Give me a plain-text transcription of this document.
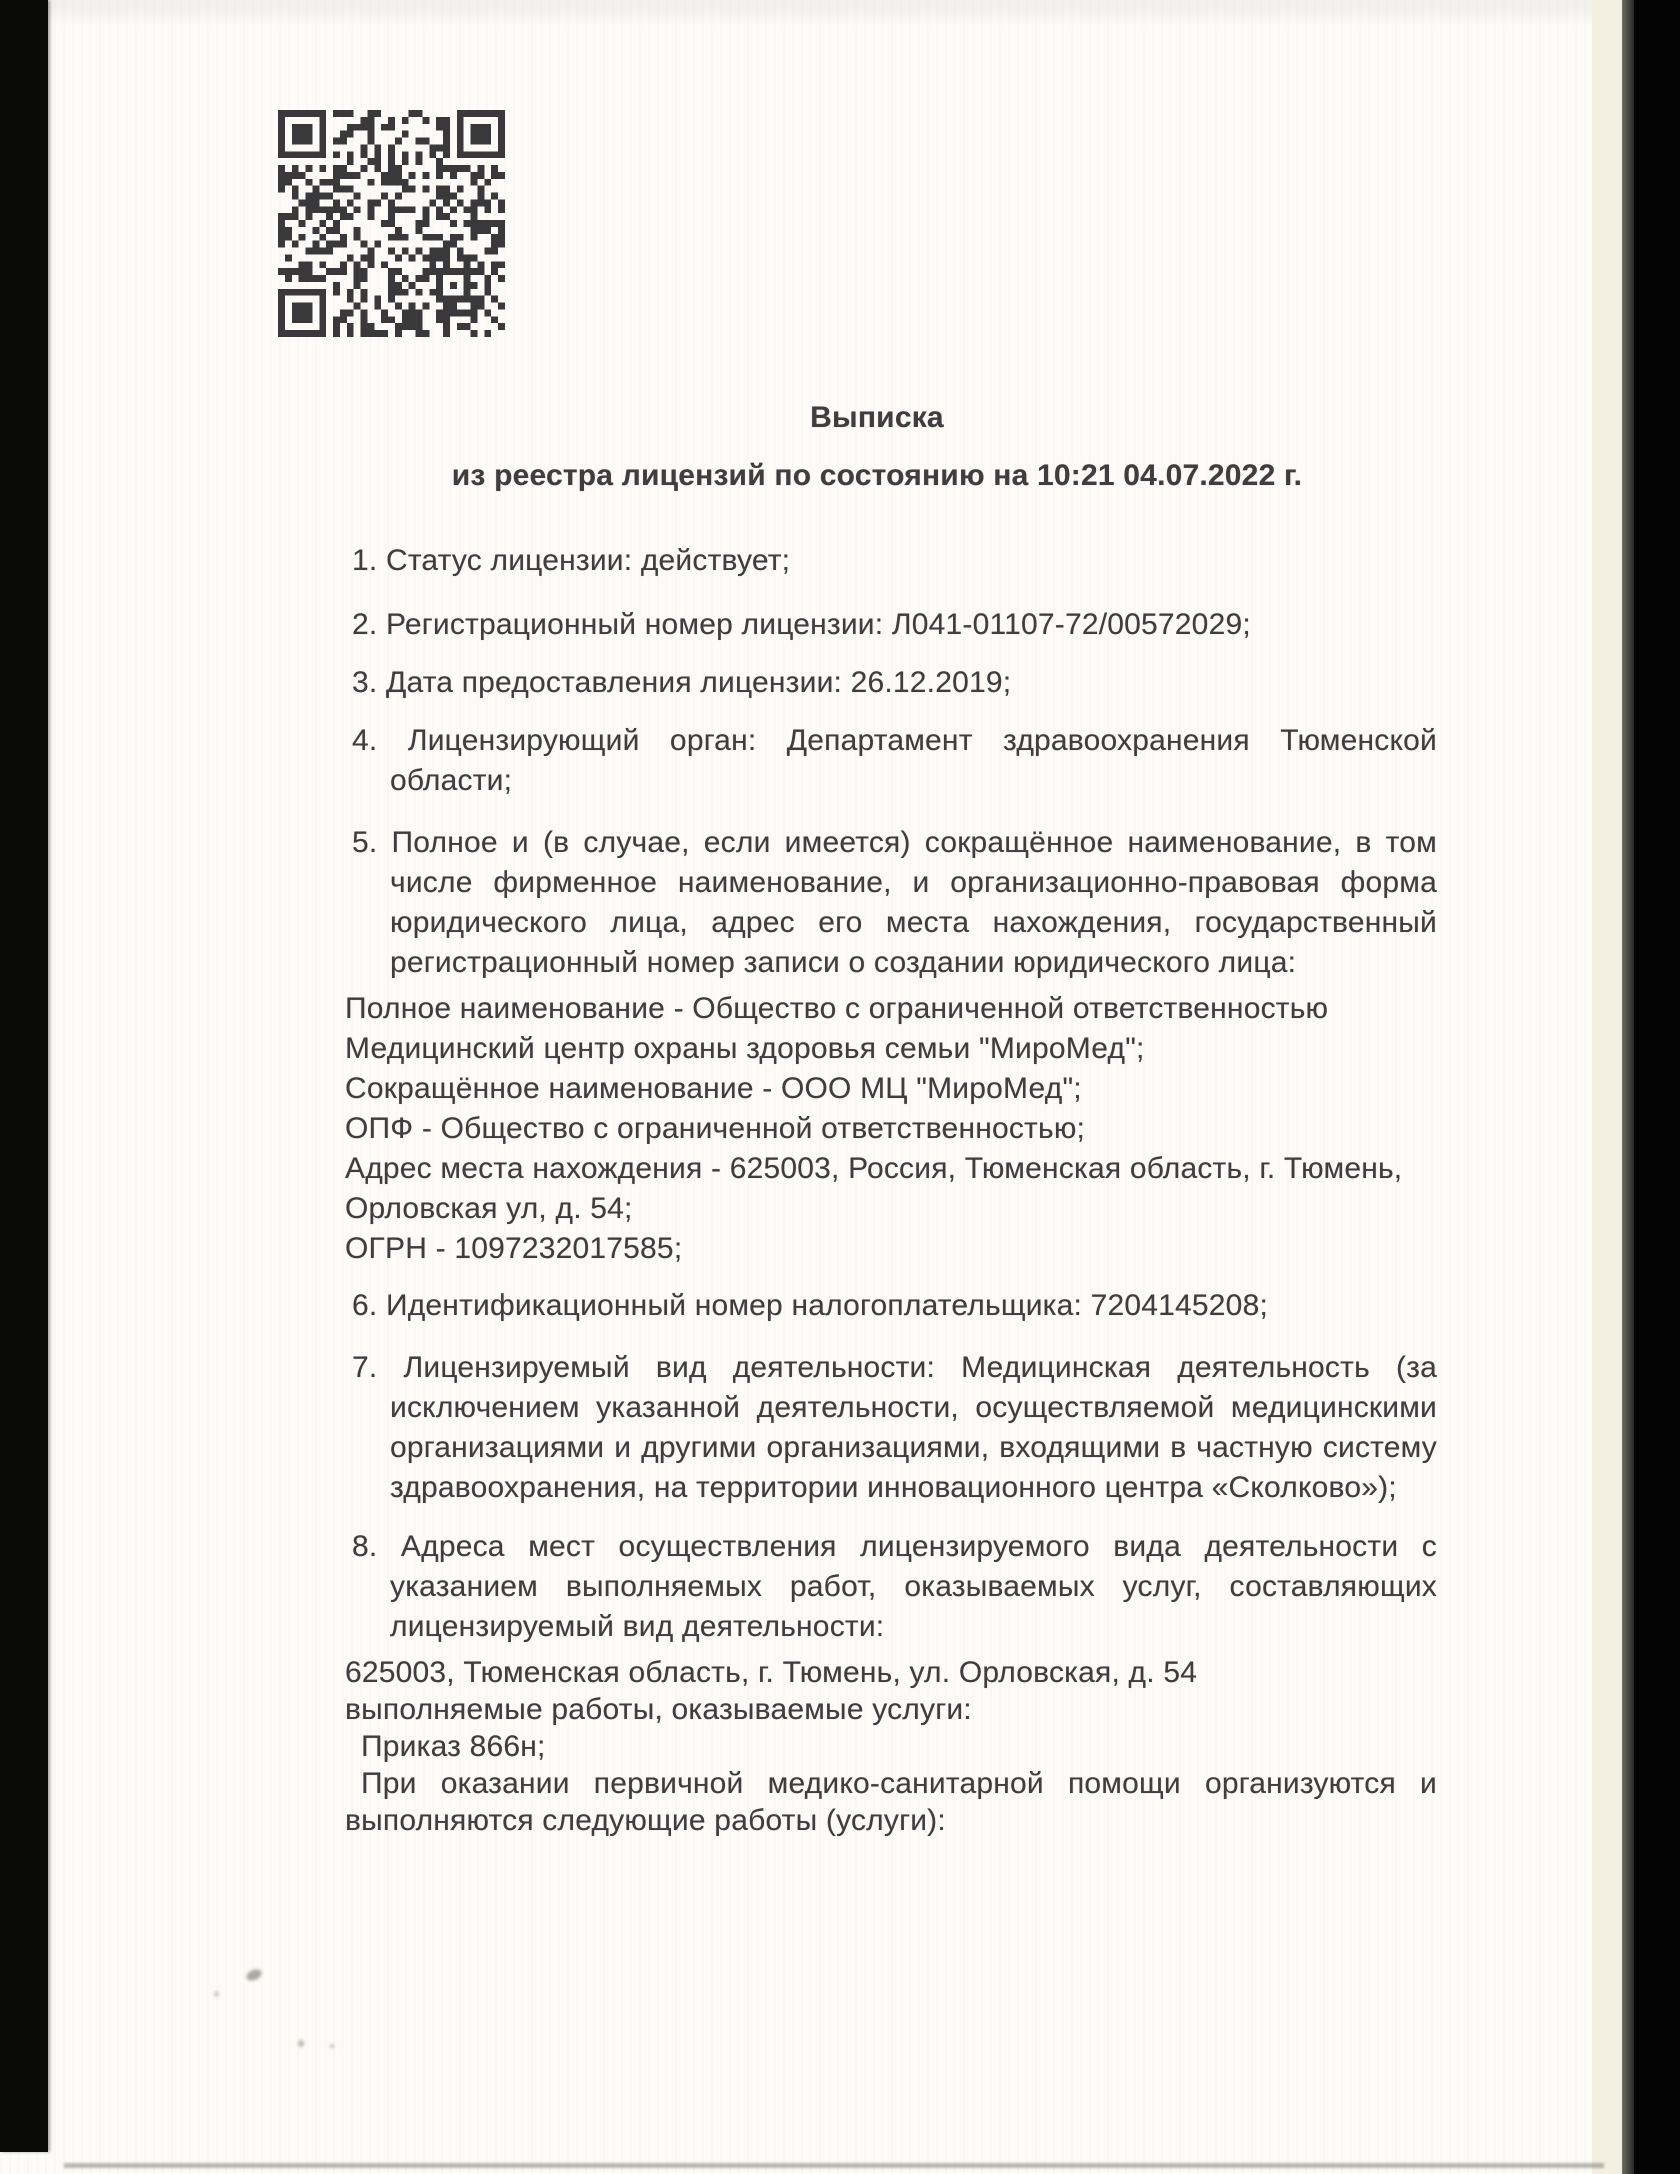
Выписка
из реестра лицензий по состоянию на 10:21 04.07.2022 г.
1. Статус лицензии: действует;
2. Регистрационный номер лицензии: Л041-01107-72/00572029;
3. Дата предоставления лицензии: 26.12.2019;
4. Лицензирующий орган: Департамент здравоохранения Тюменской
области;
5. Полное и (в случае, если имеется) сокращённое наименование, в том
числе фирменное наименование, и организационно-правовая форма
юридического лица, адрес его места нахождения, государственный
регистрационный номер записи о создании юридического лица:
Полное наименование - Общество с ограниченной ответственностью
Медицинский центр охраны здоровья семьи "МироМед";
Сокращённое наименование - ООО МЦ "МироМед";
ОПФ - Общество с ограниченной ответственностью;
Адрес места нахождения - 625003, Россия, Тюменская область, г. Тюмень,
Орловская ул, д. 54;
ОГРН - 1097232017585;
6. Идентификационный номер налогоплательщика: 7204145208;
7. Лицензируемый вид деятельности: Медицинская деятельность (за
исключением указанной деятельности, осуществляемой медицинскими
организациями и другими организациями, входящими в частную систему
здравоохранения, на территории инновационного центра «Сколково»);
8. Адреса мест осуществления лицензируемого вида деятельности с
указанием выполняемых работ, оказываемых услуг, составляющих
лицензируемый вид деятельности:
625003, Тюменская область, г. Тюмень, ул. Орловская, д. 54
выполняемые работы, оказываемые услуги:
Приказ 866н;
При оказании первичной медико-санитарной помощи организуются и
выполняются следующие работы (услуги):
